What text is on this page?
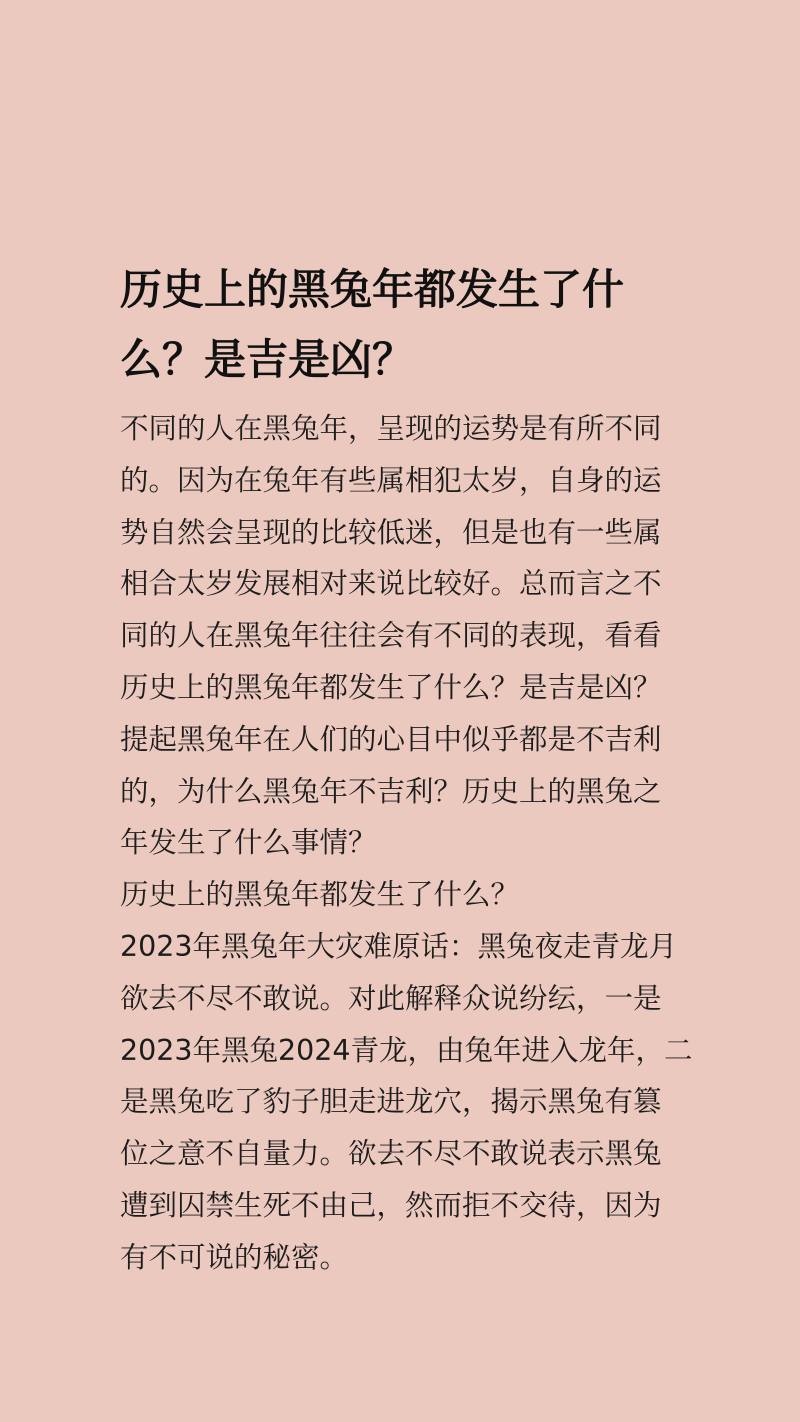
历史上的黑兔年都发生了什
么？是吉是凶？
不同的人在黑兔年，呈现的运势是有所不同
的。因为在兔年有些属相犯太岁，自身的运
势自然会呈现的比较低迷，但是也有一些属
相合太岁发展相对来说比较好。总而言之不
同的人在黑兔年往往会有不同的表现，看看
历史上的黑兔年都发生了什么？是吉是凶？
提起黑兔年在人们的心目中似乎都是不吉利
的，为什么黑兔年不吉利？历史上的黑兔之
年发生了什么事情？
历史上的黑兔年都发生了什么？
2023年黑兔年大灾难原话：黑兔夜走青龙月
欲去不尽不敢说。对此解释众说纷纭，一是
2023年黑兔2024青龙，由兔年进入龙年，二
是黑兔吃了豹子胆走进龙穴，揭示黑兔有篡
位之意不自量力。欲去不尽不敢说表示黑兔
遭到囚禁生死不由己，然而拒不交待，因为
有不可说的秘密。
